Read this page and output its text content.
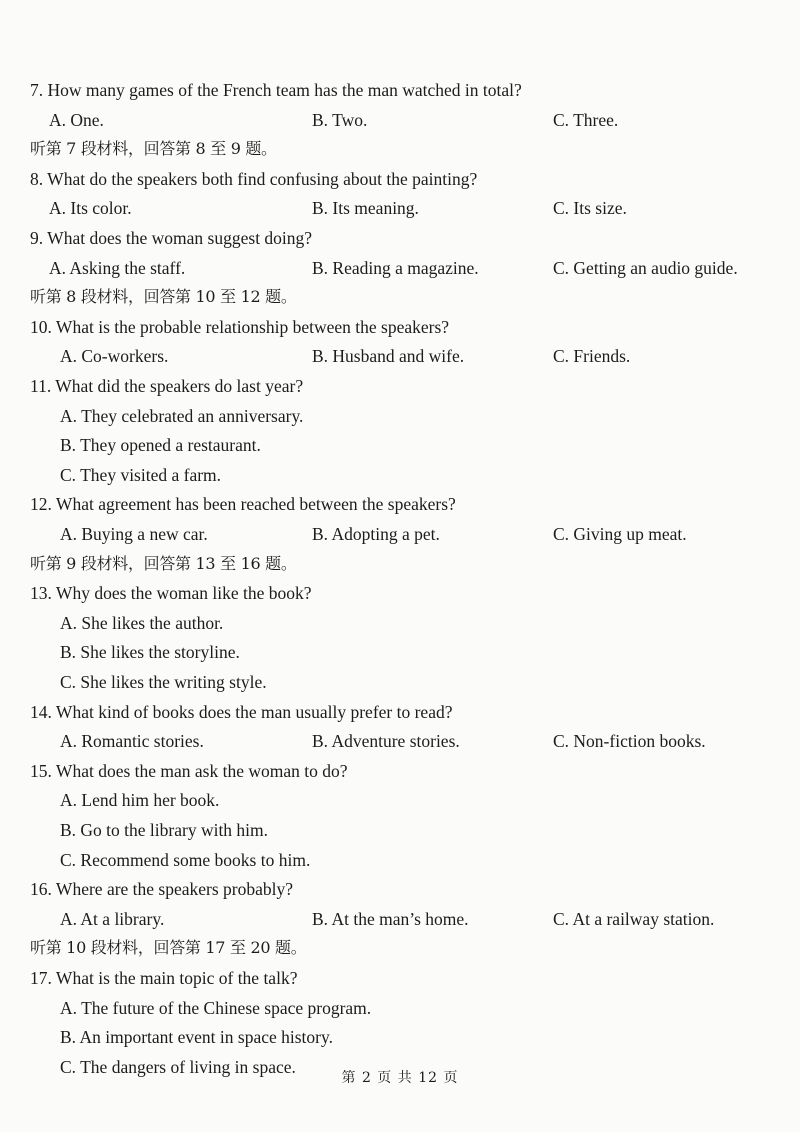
7. How many games of the French team has the man watched in total?
A. One.	B. Two.	C. Three.
听第 7 段材料，回答第 8 至 9 题。
8. What do the speakers both find confusing about the painting?
A. Its color.	B. Its meaning.	C. Its size.
9. What does the woman suggest doing?
A. Asking the staff.	B. Reading a magazine.	C. Getting an audio guide.
听第 8 段材料，回答第 10 至 12 题。
10. What is the probable relationship between the speakers?
A. Co-workers.	B. Husband and wife.	C. Friends.
11. What did the speakers do last year?
A. They celebrated an anniversary.
B. They opened a restaurant.
C. They visited a farm.
12. What agreement has been reached between the speakers?
A. Buying a new car.	B. Adopting a pet.	C. Giving up meat.
听第 9 段材料，回答第 13 至 16 题。
13. Why does the woman like the book?
A. She likes the author.
B. She likes the storyline.
C. She likes the writing style.
14. What kind of books does the man usually prefer to read?
A. Romantic stories.	B. Adventure stories.	C. Non-fiction books.
15. What does the man ask the woman to do?
A. Lend him her book.
B. Go to the library with him.
C. Recommend some books to him.
16. Where are the speakers probably?
A. At a library.	B. At the man’s home.	C. At a railway station.
听第 10 段材料，回答第 17 至 20 题。
17. What is the main topic of the talk?
A. The future of the Chinese space program.
B. An important event in space history.
C. The dangers of living in space.
第 2 页 共 12 页
